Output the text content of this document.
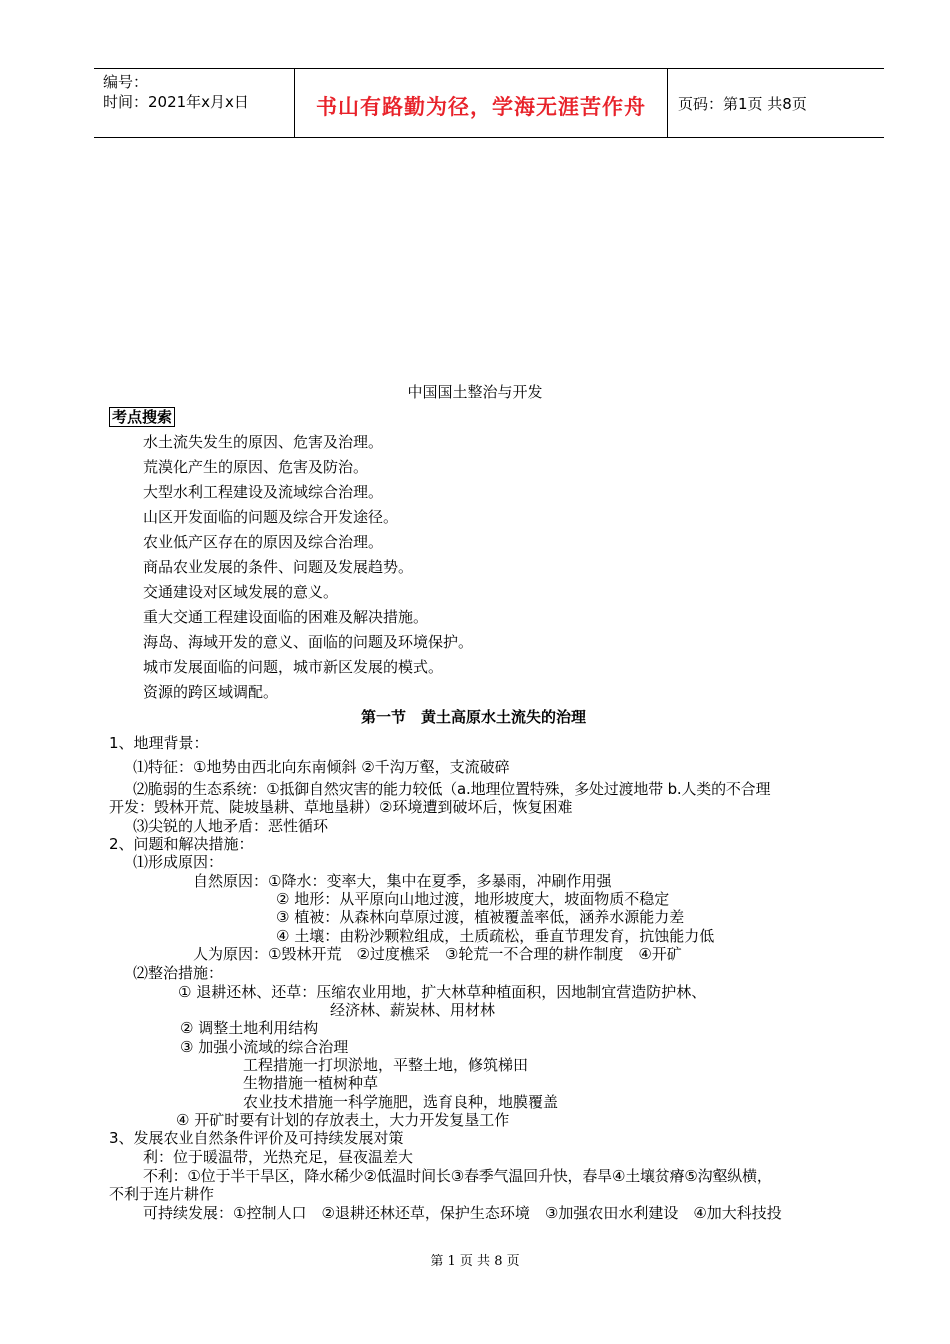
编号：
时间：2021年x月x日	书山有路勤为径，学海无涯苦作舟	页码：第1页 共8页
中国国土整治与开发
考点搜索
水土流失发生的原因、危害及治理。
荒漠化产生的原因、危害及防治。
大型水利工程建设及流域综合治理。
山区开发面临的问题及综合开发途径。
农业低产区存在的原因及综合治理。
商品农业发展的条件、问题及发展趋势。
交通建设对区域发展的意义。
重大交通工程建设面临的困难及解决措施。
海岛、海域开发的意义、面临的问题及环境保护。
城市发展面临的问题，城市新区发展的模式。
资源的跨区域调配。
第一节　黄土高原水土流失的治理
1、地理背景：
⑴特征：①地势由西北向东南倾斜 ②千沟万壑，支流破碎
⑵脆弱的生态系统：①抵御自然灾害的能力较低（a.地理位置特殊，多处过渡地带 b.人类的不合理
开发：毁林开荒、陡坡垦耕、草地垦耕）②环境遭到破坏后，恢复困难
⑶尖锐的人地矛盾：恶性循环
2、问题和解决措施：
⑴形成原因：
自然原因：①降水：变率大，集中在夏季，多暴雨，冲刷作用强
② 地形：从平原向山地过渡，地形坡度大，坡面物质不稳定
③ 植被：从森林向草原过渡，植被覆盖率低，涵养水源能力差
④ 土壤：由粉沙颗粒组成，土质疏松，垂直节理发育，抗蚀能力低
人为原因：①毁林开荒　②过度樵采　③轮荒一不合理的耕作制度　④开矿
⑵整治措施：
① 退耕还林、还草：压缩农业用地，扩大林草种植面积，因地制宜营造防护林、
经济林、薪炭林、用材林
② 调整土地利用结构
③ 加强小流域的综合治理
工程措施一打坝淤地，平整土地，修筑梯田
生物措施一植树种草
农业技术措施一科学施肥，选育良种，地膜覆盖
④ 开矿时要有计划的存放表土，大力开发复垦工作
3、发展农业自然条件评价及可持续发展对策
利：位于暖温带，光热充足，昼夜温差大
不利：①位于半干旱区，降水稀少②低温时间长③春季气温回升快，春旱④土壤贫瘠⑤沟壑纵横，
不利于连片耕作
可持续发展：①控制人口　②退耕还林还草，保护生态环境　③加强农田水利建设　④加大科技投
第 1 页 共 8 页
